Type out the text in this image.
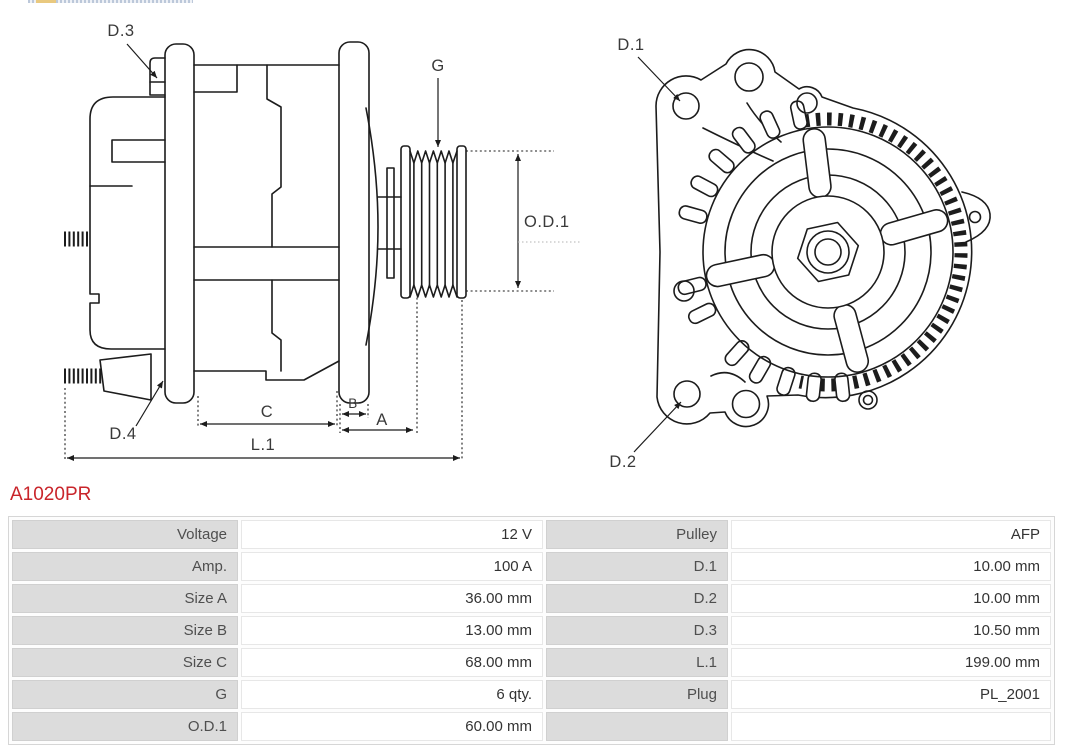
G
O.D.1
C	B
A
L.1
D.3
D.4
D.1
D.2
A1020PR
Voltage	12 V	Pulley	AFP
Amp.	100 A	D.1	10.00 mm
Size A	36.00 mm	D.2	10.00 mm
Size B	13.00 mm	D.3	10.50 mm
Size C	68.00 mm	L.1	199.00 mm
G	6 qty.	Plug	PL_2001
O.D.1	60.00 mm
